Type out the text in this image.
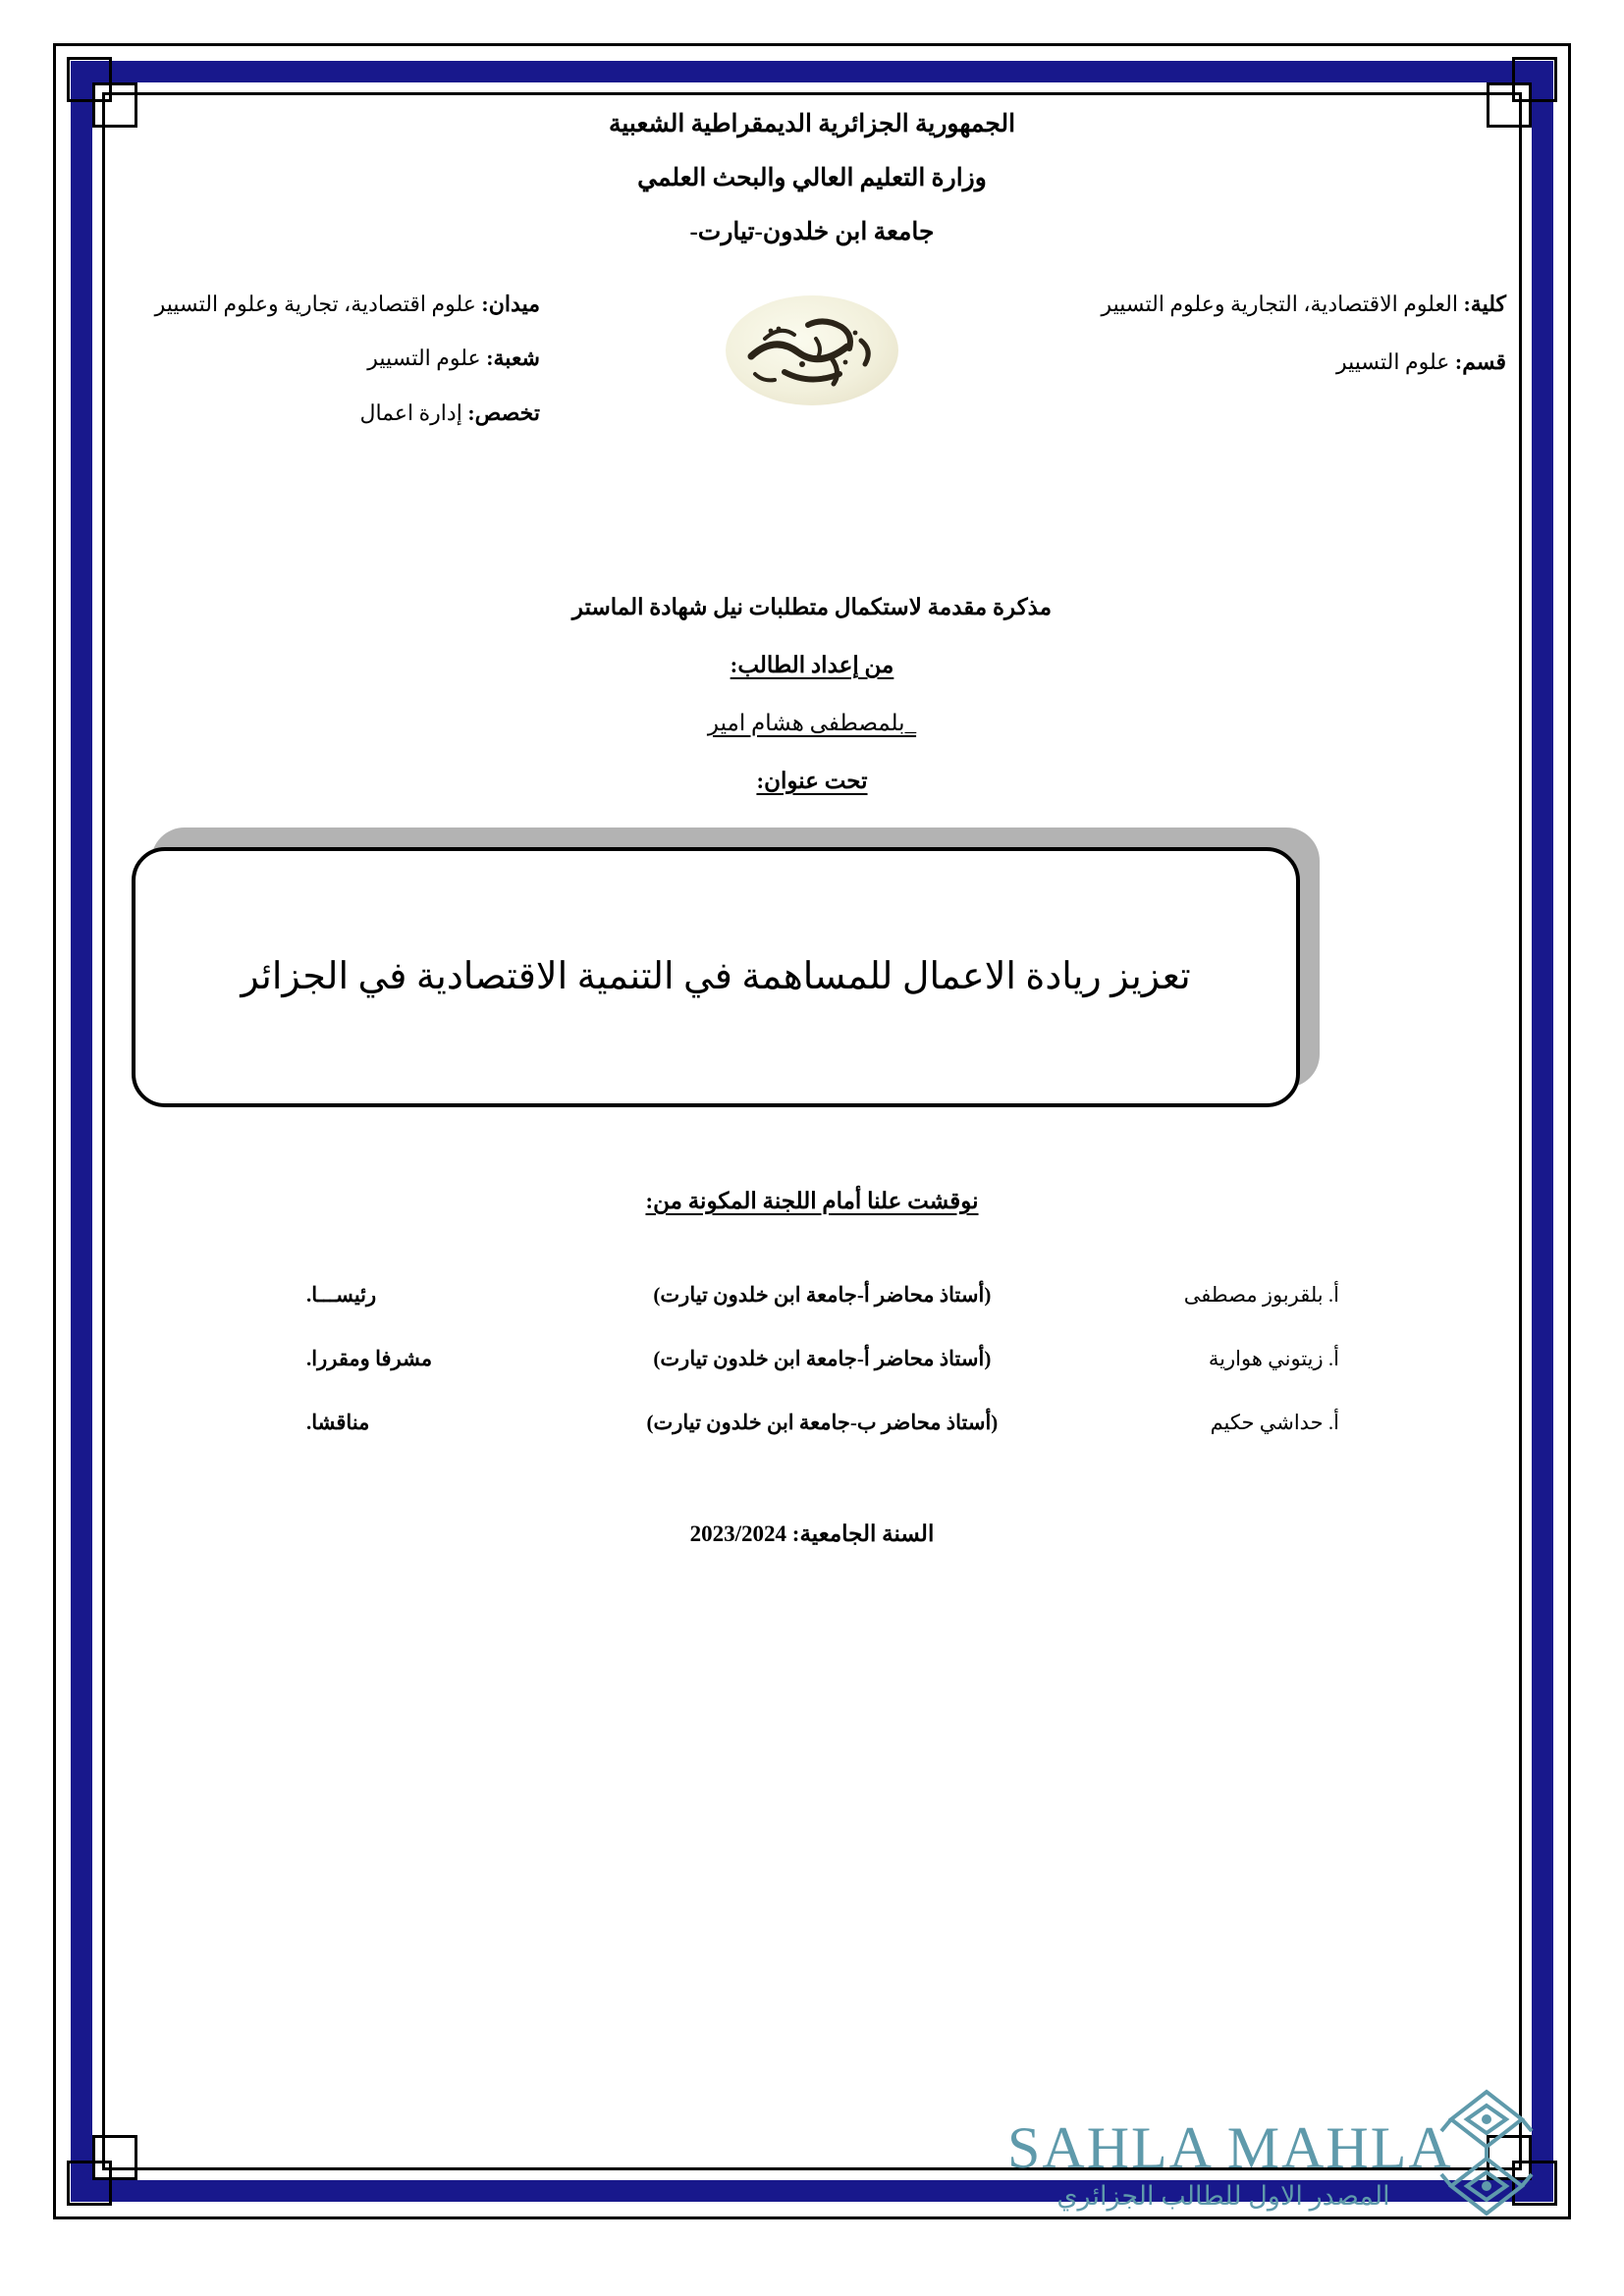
الجمهورية الجزائرية الديمقراطية الشعبية
وزارة التعليم العالي والبحث العلمي
جامعة ابن خلدون-تيارت-
كلية: العلوم الاقتصادية، التجارية وعلوم التسيير
قسم: علوم التسيير
ميدان: علوم اقتصادية، تجارية وعلوم التسيير
شعبة: علوم التسيير
تخصص: إدارة اعمال
مذكرة مقدمة لاستكمال متطلبات نيل شهادة الماستر
من إعداد الطالب:
_بلمصطفى هشام امير
تحت عنوان:
تعزيز ريادة الاعمال للمساهمة في التنمية الاقتصادية في الجزائر
نوقشت علنا أمام اللجنة المكونة من:
أ. بلقربوز مصطفى	(أستاذ محاضر أ-جامعة ابن خلدون تيارت)	رئيســـا.
أ. زيتوني هوارية	(أستاذ محاضر أ-جامعة ابن خلدون تيارت)	مشرفا ومقررا.
أ. حداشي حكيم	(أستاذ محاضر ب-جامعة ابن خلدون تيارت)	مناقشا.
السنة الجامعية: 2023/2024
SAHLA MAHLA
المصدر الاول للطالب الجزائري
